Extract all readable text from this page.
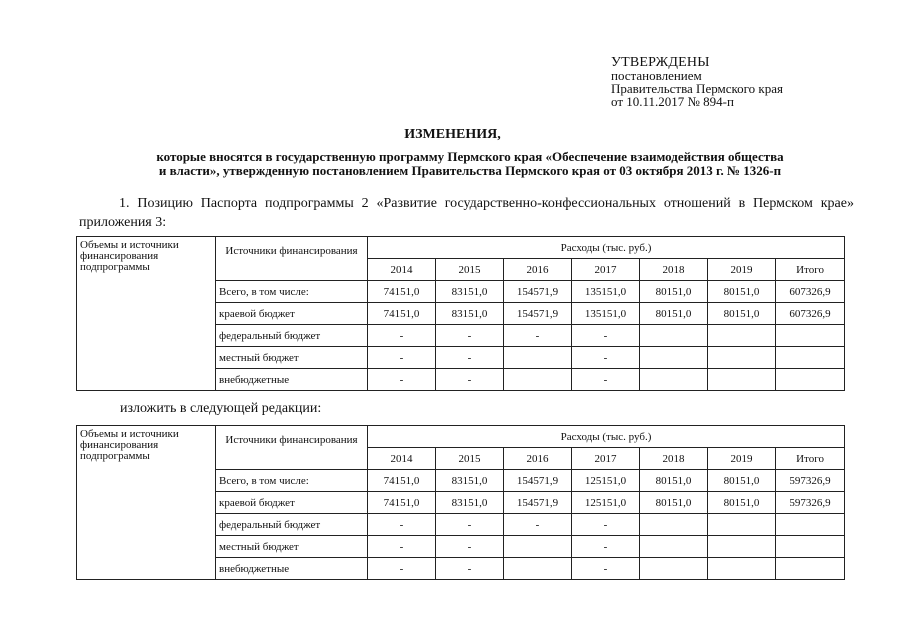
УТВЕРЖДЕНЫ
постановлением
Правительства Пермского края
от 10.11.2017 № 894-п
ИЗМЕНЕНИЯ,
которые вносятся в государственную программу Пермского края «Обеспечение взаимодействия общества
и власти», утвержденную постановлением Правительства Пермского края от 03 октября 2013 г. № 1326-п
1. Позицию Паспорта подпрограммы 2 «Развитие государственно-конфессиональных отношений в Пермском крае» приложения 3:
Объемы и источники финансирования подпрограммы	Источники финансирования	Расходы (тыс. руб.)						
		2014	2015	2016	2017	2018	2019	Итого
	Всего, в том числе:	74151,0	83151,0	154571,9	135151,0	80151,0	80151,0	607326,9
	краевой бюджет	74151,0	83151,0	154571,9	135151,0	80151,0	80151,0	607326,9
	федеральный бюджет	-	-	-	-			
	местный бюджет	-	-		-			
	внебюджетные	-	-		-			
изложить в следующей редакции:
Объемы и источники финансирования подпрограммы	Источники финансирования	Расходы (тыс. руб.)						
		2014	2015	2016	2017	2018	2019	Итого
	Всего, в том числе:	74151,0	83151,0	154571,9	125151,0	80151,0	80151,0	597326,9
	краевой бюджет	74151,0	83151,0	154571,9	125151,0	80151,0	80151,0	597326,9
	федеральный бюджет	-	-	-	-			
	местный бюджет	-	-		-			
	внебюджетные	-	-		-			
